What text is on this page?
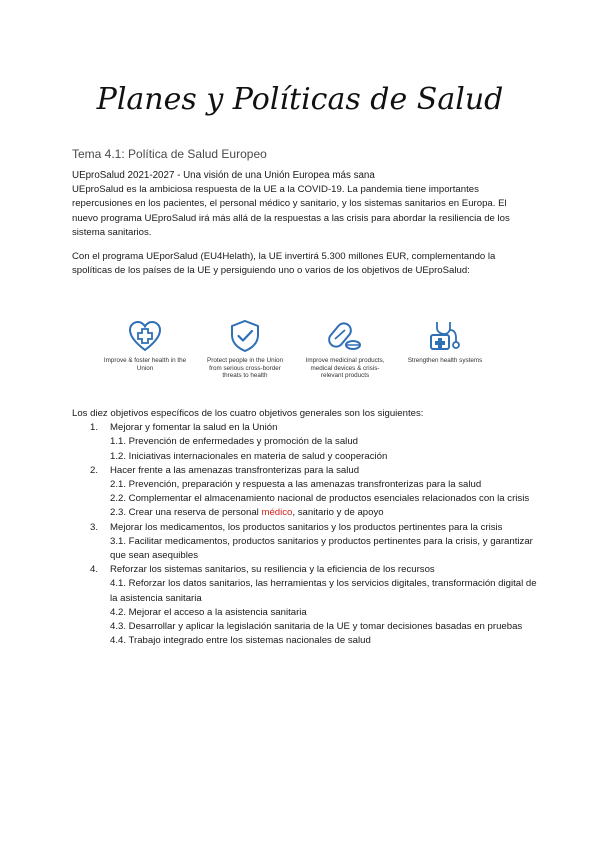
Planes y Políticas de Salud
Tema 4.1: Política de Salud Europeo
UEproSalud 2021-2027 - Una visión de una Unión Europea más sana
UEproSalud es la ambiciosa respuesta de la UE a la COVID-19. La pandemia tiene importantes repercusiones en los pacientes, el personal médico y sanitario, y los sistemas sanitarios en Europa. El nuevo programa UEproSalud irá más allá de la respuestas a las crisis para abordar la resiliencia de los sistema sanitarios.
Con el programa UEporSalud (EU4Helath), la UE invertirá 5.300 millones EUR, complementando la spolíticas de los países de la UE y persiguiendo uno o varios de los objetivos de UEproSalud:
Improve & foster health in the Union
Protect people in the Union from serious cross-border threats to health
Improve medicinal products, medical devices & crisis-relevant products
Strengthen health systems
Los diez objetivos específicos de los cuatro objetivos generales son los siguientes:
1. Mejorar y fomentar la salud en la Unión
1.1. Prevención de enfermedades y promoción de la salud
1.2. Iniciativas internacionales en materia de salud y cooperación
2. Hacer frente a las amenazas transfronterizas para la salud
2.1. Prevención, preparación y respuesta a las amenazas transfronterizas para la salud
2.2. Complementar el almacenamiento nacional de productos esenciales relacionados con la crisis
2.3. Crear una reserva de personal médico, sanitario y de apoyo
3. Mejorar los medicamentos, los productos sanitarios y los productos pertinentes para la crisis
3.1. Facilitar medicamentos, productos sanitarios y productos pertinentes para la crisis, y garantizar que sean asequibles
4. Reforzar los sistemas sanitarios, su resiliencia y la eficiencia de los recursos
4.1. Reforzar los datos sanitarios, las herramientas y los servicios digitales, transformación digital de la asistencia sanitaria
4.2. Mejorar el acceso a la asistencia sanitaria
4.3. Desarrollar y aplicar la legislación sanitaria de la UE y tomar decisiones basadas en pruebas
4.4. Trabajo integrado entre los sistemas nacionales de salud
